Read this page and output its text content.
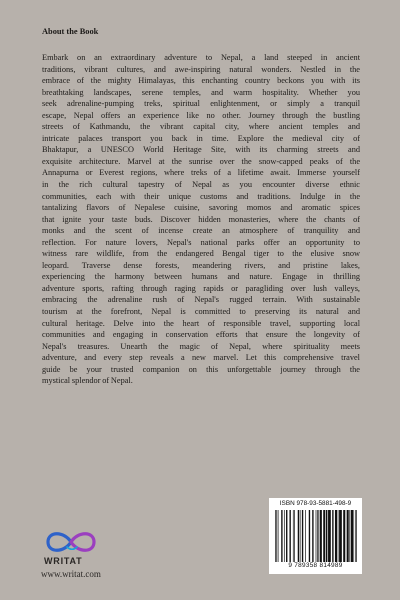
About the Book

Embark on an extraordinary adventure to Nepal, a land steeped in ancient
traditions, vibrant cultures, and awe-inspiring natural wonders. Nestled in the
embrace of the mighty Himalayas, this enchanting country beckons you with its
breathtaking landscapes, serene temples, and warm hospitality. Whether you
seek adrenaline-pumping treks, spiritual enlightenment, or simply a tranquil
escape, Nepal offers an experience like no other. Journey through the bustling
streets of Kathmandu, the vibrant capital city, where ancient temples and
intricate palaces transport you back in time. Explore the medieval city of
Bhaktapur, a UNESCO World Heritage Site, with its charming streets and
exquisite architecture. Marvel at the sunrise over the snow-capped peaks of the
Annapurna or Everest regions, where treks of a lifetime await. Immerse yourself
in the rich cultural tapestry of Nepal as you encounter diverse ethnic
communities, each with their unique customs and traditions. Indulge in the
tantalizing flavors of Nepalese cuisine, savoring momos and aromatic spices
that ignite your taste buds. Discover hidden monasteries, where the chants of
monks and the scent of incense create an atmosphere of tranquility and
reflection. For nature lovers, Nepal's national parks offer an opportunity to
witness rare wildlife, from the endangered Bengal tiger to the elusive snow
leopard. Traverse dense forests, meandering rivers, and pristine lakes,
experiencing the harmony between humans and nature. Engage in thrilling
adventure sports, rafting through raging rapids or paragliding over lush valleys,
embracing the adrenaline rush of Nepal's rugged terrain. With sustainable
tourism at the forefront, Nepal is committed to preserving its natural and
cultural heritage. Delve into the heart of responsible travel, supporting local
communities and engaging in conservation efforts that ensure the longevity of
Nepal's treasures. Unearth the magic of Nepal, where spirituality meets
adventure, and every step reveals a new marvel. Let this comprehensive travel
guide be your trusted companion on this unforgettable journey through the
mystical splendor of Nepal.

WRITAT
www.writat.com
ISBN 978-93-5881-498-9
9 789358 814989
